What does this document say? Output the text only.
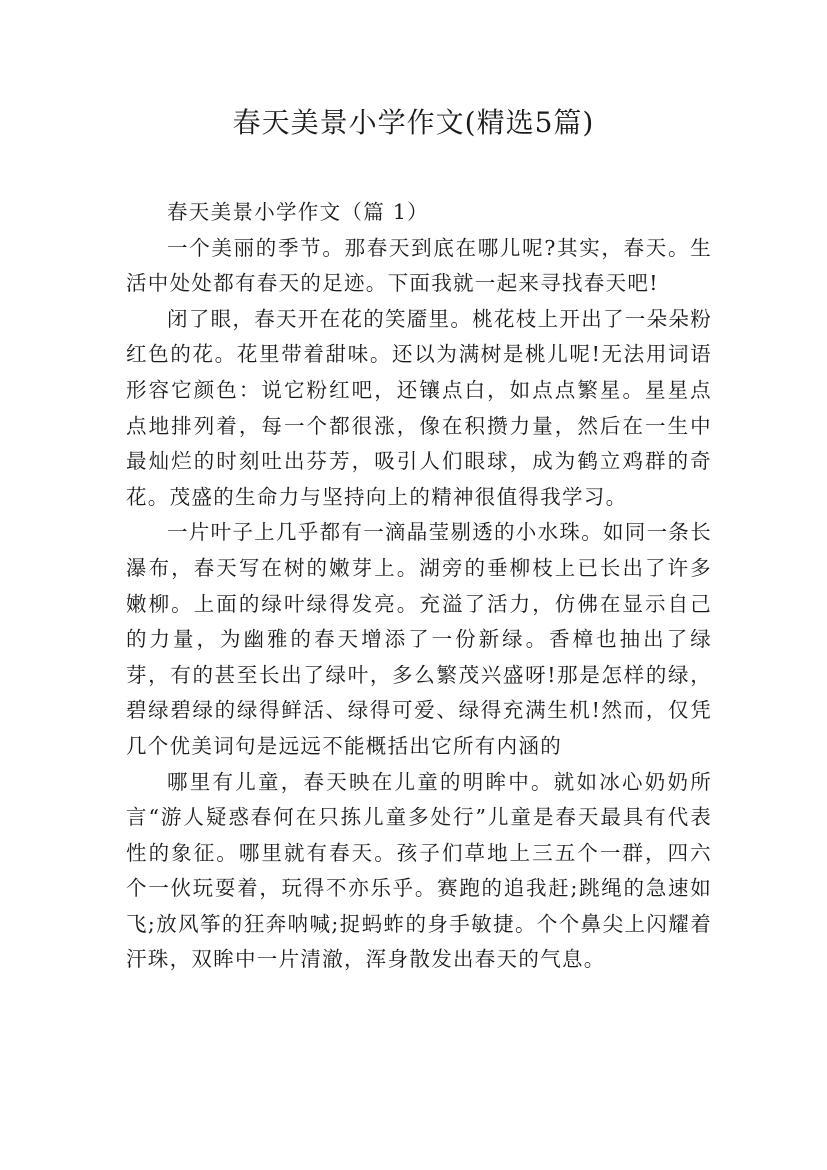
春天美景小学作文(精选5篇)

春天美景小学作文（篇 1）

一个美丽的季节。那春天到底在哪儿呢?其实，春天。生活中处处都有春天的足迹。下面我就一起来寻找春天吧!

闭了眼，春天开在花的笑靥里。桃花枝上开出了一朵朵粉红色的花。花里带着甜味。还以为满树是桃儿呢!无法用词语形容它颜色：说它粉红吧，还镶点白，如点点繁星。星星点点地排列着，每一个都很涨，像在积攒力量，然后在一生中最灿烂的时刻吐出芬芳，吸引人们眼球，成为鹤立鸡群的奇花。茂盛的生命力与坚持向上的精神很值得我学习。

一片叶子上几乎都有一滴晶莹剔透的小水珠。如同一条长瀑布，春天写在树的嫩芽上。湖旁的垂柳枝上已长出了许多嫩柳。上面的绿叶绿得发亮。充溢了活力，仿佛在显示自己的力量，为幽雅的春天增添了一份新绿。香樟也抽出了绿芽，有的甚至长出了绿叶，多么繁茂兴盛呀!那是怎样的绿，碧绿碧绿的绿得鲜活、绿得可爱、绿得充满生机!然而，仅凭几个优美词句是远远不能概括出它所有内涵的

哪里有儿童，春天映在儿童的明眸中。就如冰心奶奶所言“游人疑惑春何在只拣儿童多处行”儿童是春天最具有代表性的象征。哪里就有春天。孩子们草地上三五个一群，四六个一伙玩耍着，玩得不亦乐乎。赛跑的追我赶;跳绳的急速如飞;放风筝的狂奔呐喊;捉蚂蚱的身手敏捷。个个鼻尖上闪耀着汗珠，双眸中一片清澈，浑身散发出春天的气息。
